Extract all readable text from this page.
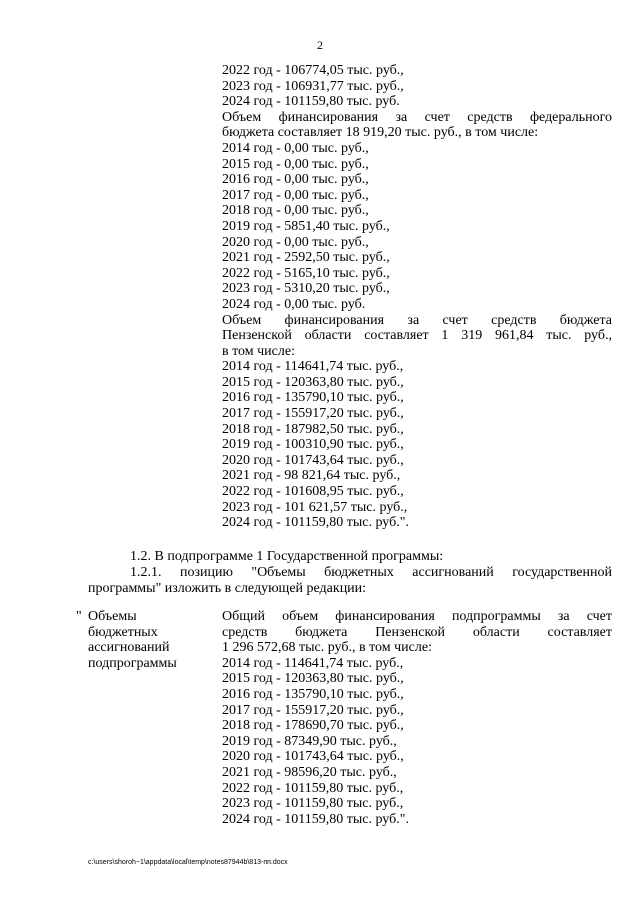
2
2022 год - 106774,05 тыс. руб.,
2023 год - 106931,77 тыс. руб.,
2024 год - 101159,80 тыс. руб.
Объем финансирования за счет средств федерального
бюджета составляет 18 919,20 тыс. руб., в том числе:
2014 год - 0,00 тыс. руб.,
2015 год - 0,00 тыс. руб.,
2016 год - 0,00 тыс. руб.,
2017 год - 0,00 тыс. руб.,
2018 год - 0,00 тыс. руб.,
2019 год - 5851,40 тыс. руб.,
2020 год - 0,00 тыс. руб.,
2021 год - 2592,50 тыс. руб.,
2022 год - 5165,10 тыс. руб.,
2023 год - 5310,20 тыс. руб.,
2024 год - 0,00 тыс. руб.
Объем финансирования за счет средств бюджета
Пензенской области составляет 1 319 961,84 тыс. руб.,
в том числе:
2014 год - 114641,74 тыс. руб.,
2015 год - 120363,80 тыс. руб.,
2016 год - 135790,10 тыс. руб.,
2017 год - 155917,20 тыс. руб.,
2018 год - 187982,50 тыс. руб.,
2019 год - 100310,90 тыс. руб.,
2020 год - 101743,64 тыс. руб.,
2021 год - 98 821,64 тыс. руб.,
2022 год - 101608,95 тыс. руб.,
2023 год - 101 621,57 тыс. руб.,
2024 год - 101159,80 тыс. руб.".
1.2. В подпрограмме 1 Государственной программы:
1.2.1. позицию "Объемы бюджетных ассигнований государственной программы" изложить в следующей редакции:
" Объемы
бюджетных
ассигнований
подпрограммы
Общий объем финансирования подпрограммы за счет
средств бюджета Пензенской области составляет
1 296 572,68 тыс. руб., в том числе:
2014 год - 114641,74 тыс. руб.,
2015 год - 120363,80 тыс. руб.,
2016 год - 135790,10 тыс. руб.,
2017 год - 155917,20 тыс. руб.,
2018 год - 178690,70 тыс. руб.,
2019 год - 87349,90 тыс. руб.,
2020 год - 101743,64 тыс. руб.,
2021 год - 98596,20 тыс. руб.,
2022 год - 101159,80 тыс. руб.,
2023 год - 101159,80 тыс. руб.,
2024 год - 101159,80 тыс. руб.".
c:\users\shoroh~1\appdata\local\temp\notes87944b\813-пп.docx
